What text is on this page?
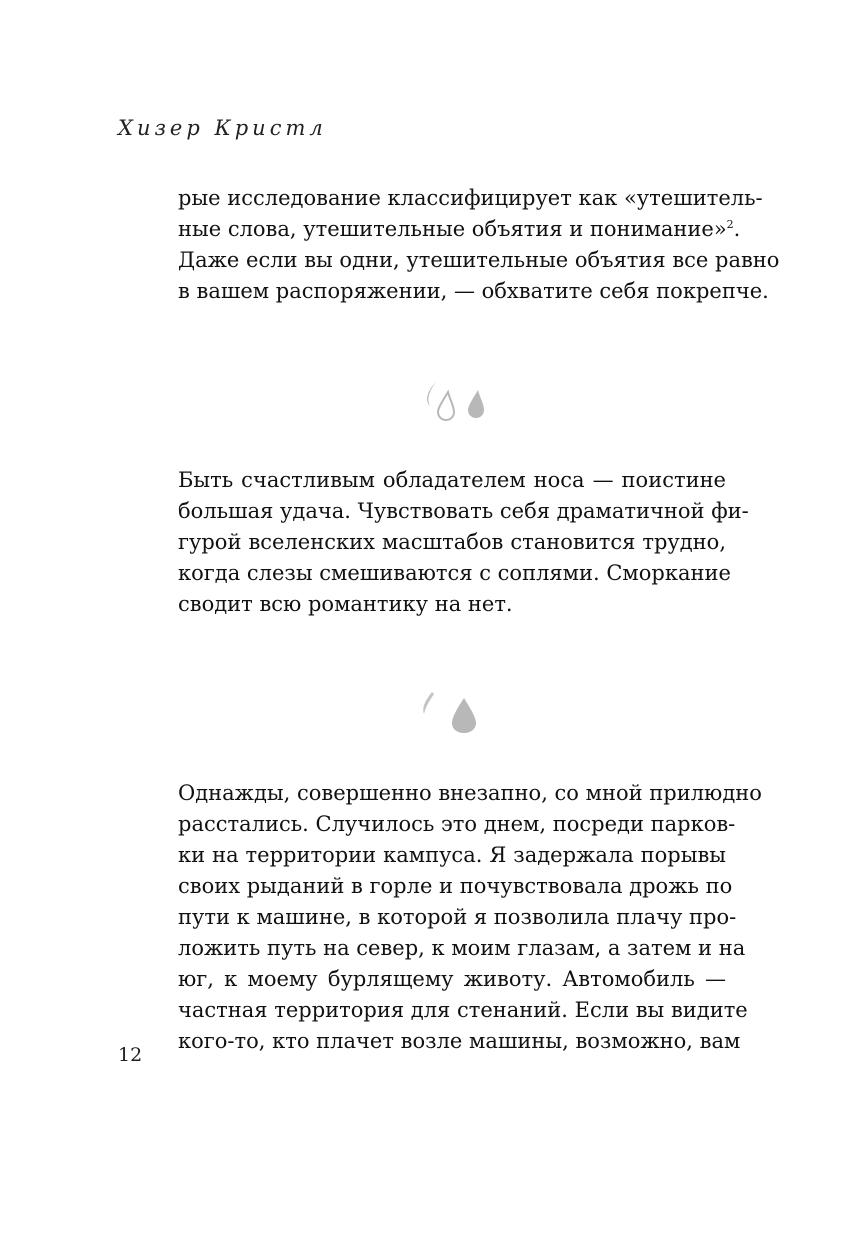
Хизер Кристл
рые исследование классифицирует как «утешитель-
ные слова, утешительные объятия и понимание»$^2$.
Даже если вы одни, утешительные объятия все равно
в вашем распоряжении, — обхватите себя покрепче.
Быть счастливым обладателем носа — поистине
большая удача. Чувствовать себя драматичной фи-
гурой вселенских масштабов становится трудно,
когда слезы смешиваются с соплями. Сморкание
сводит всю романтику на нет.
Однажды, совершенно внезапно, со мной прилюдно
расстались. Случилось это днем, посреди парков-
ки на территории кампуса. Я задержала порывы
своих рыданий в горле и почувствовала дрожь по
пути к машине, в которой я позволила плачу про-
ложить путь на север, к моим глазам, а затем и на
юг, к моему бурлящему животу. Автомобиль —
частная территория для стенаний. Если вы видите
кого-то, кто плачет возле машины, возможно, вам
12
